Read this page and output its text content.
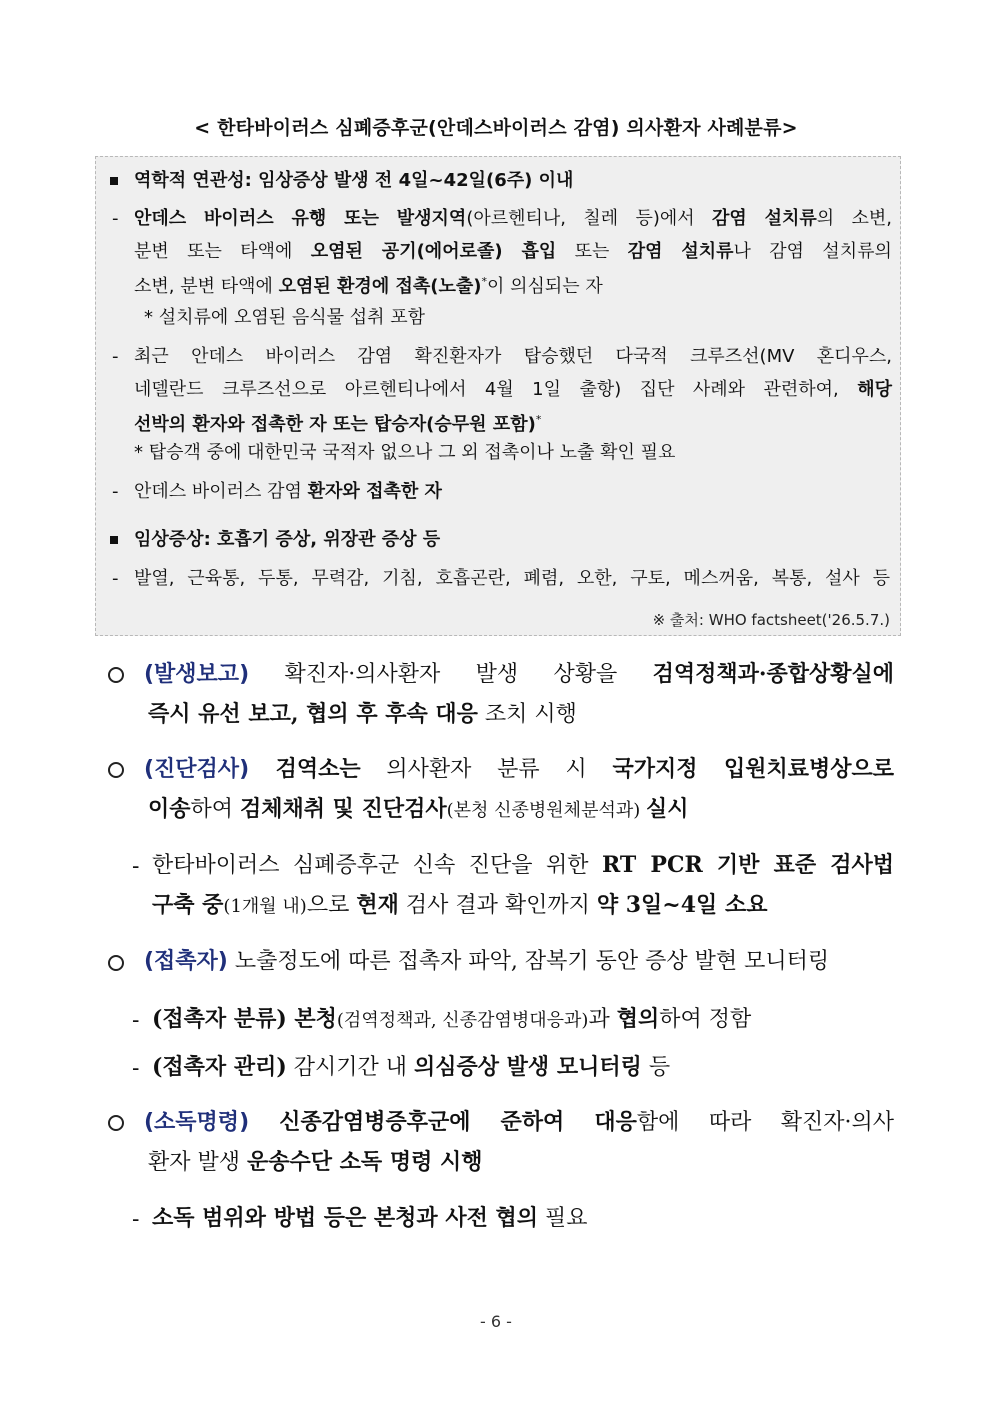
< 한타바이러스 심폐증후군(안데스바이러스 감염) 의사환자 사례분류>
역학적 연관성: 임상증상 발생 전 4일~42일(6주) 이내
- 안데스 바이러스 유행 또는 발생지역(아르헨티나, 칠레 등)에서 감염 설치류의 소변,
분변 또는 타액에 오염된 공기(에어로졸) 흡입 또는 감염 설치류나 감염 설치류의
소변, 분변 타액에 오염된 환경에 접촉(노출)*이 의심되는 자
* 설치류에 오염된 음식물 섭취 포함
- 최근 안데스 바이러스 감염 확진환자가 탑승했던 다국적 크루즈선(MV 혼디우스,
네델란드 크루즈선으로 아르헨티나에서 4월 1일 출항) 집단 사례와 관련하여, 해당
선박의 환자와 접촉한 자 또는 탑승자(승무원 포함)*
* 탑승객 중에 대한민국 국적자 없으나 그 외 접촉이나 노출 확인 필요
- 안데스 바이러스 감염 환자와 접촉한 자
임상증상: 호흡기 증상, 위장관 증상 등
- 발열, 근육통, 두통, 무력감, 기침, 호흡곤란, 폐렴, 오한, 구토, 메스꺼움, 복통, 설사 등
※ 출처: WHO factsheet('26.5.7.)
(발생보고) 확진자·의사환자 발생 상황을 검역정책과·종합상황실에
즉시 유선 보고, 협의 후 후속 대응 조치 시행
(진단검사) 검역소는 의사환자 분류 시 국가지정 입원치료병상으로
이송하여 검체채취 및 진단검사(본청 신종병원체분석과) 실시
- 한타바이러스 심폐증후군 신속 진단을 위한 RT PCR 기반 표준 검사법
구축 중(1개월 내)으로 현재 검사 결과 확인까지 약 3일~4일 소요
(접촉자) 노출정도에 따른 접촉자 파악, 잠복기 동안 증상 발현 모니터링
- (접촉자 분류) 본청(검역정책과, 신종감염병대응과)과 협의하여 정함
- (접촉자 관리) 감시기간 내 의심증상 발생 모니터링 등
(소독명령) 신종감염병증후군에 준하여 대응함에 따라 확진자·의사
환자 발생 운송수단 소독 명령 시행
- 소독 범위와 방법 등은 본청과 사전 협의 필요
- 6 -
